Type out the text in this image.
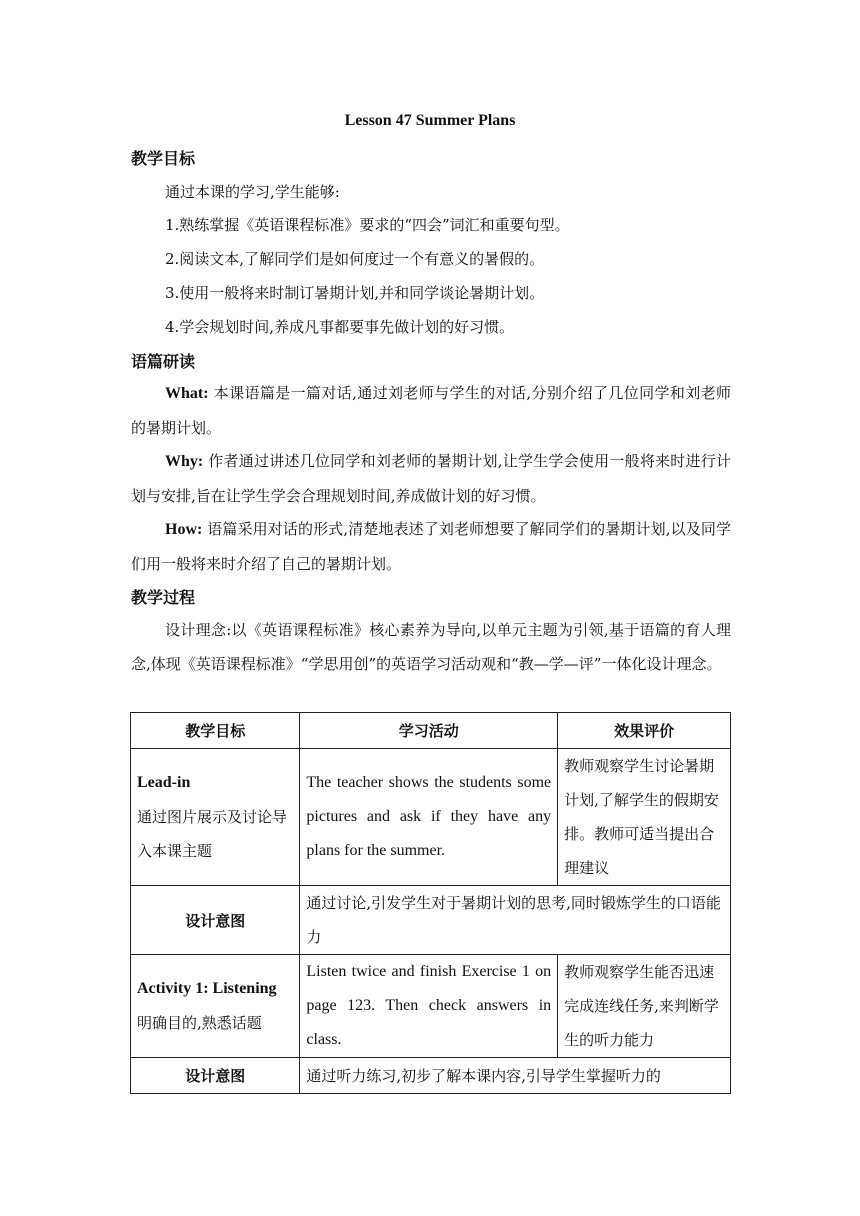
Lesson 47 Summer Plans
教学目标
通过本课的学习,学生能够:
1.熟练掌握《英语课程标准》要求的“四会”词汇和重要句型。
2.阅读文本,了解同学们是如何度过一个有意义的暑假的。
3.使用一般将来时制订暑期计划,并和同学谈论暑期计划。
4.学会规划时间,养成凡事都要事先做计划的好习惯。
语篇研读
What: 本课语篇是一篇对话,通过刘老师与学生的对话,分别介绍了几位同学和刘老师的暑期计划。
Why: 作者通过讲述几位同学和刘老师的暑期计划,让学生学会使用一般将来时进行计划与安排,旨在让学生学会合理规划时间,养成做计划的好习惯。
How: 语篇采用对话的形式,清楚地表述了刘老师想要了解同学们的暑期计划,以及同学们用一般将来时介绍了自己的暑期计划。
教学过程
设计理念:以《英语课程标准》核心素养为导向,以单元主题为引领,基于语篇的育人理念,体现《英语课程标准》“学思用创”的英语学习活动观和“教—学—评”一体化设计理念。
教学目标	学习活动	效果评价

Lead-in
通过图片展示及讨论导入本课主题	The teacher shows the students some pictures and ask if they have any plans for the summer.	教师观察学生讨论暑期计划,了解学生的假期安排。教师可适当提出合理建议
设计意图	通过讨论,引发学生对于暑期计划的思考,同时锻炼学生的口语能力	

Activity 1: Listening
明确目的,熟悉话题	Listen twice and finish Exercise 1 on page 123. Then check answers in class.	教师观察学生能否迅速完成连线任务,来判断学生的听力能力
设计意图	通过听力练习,初步了解本课内容,引导学生掌握听力的	
